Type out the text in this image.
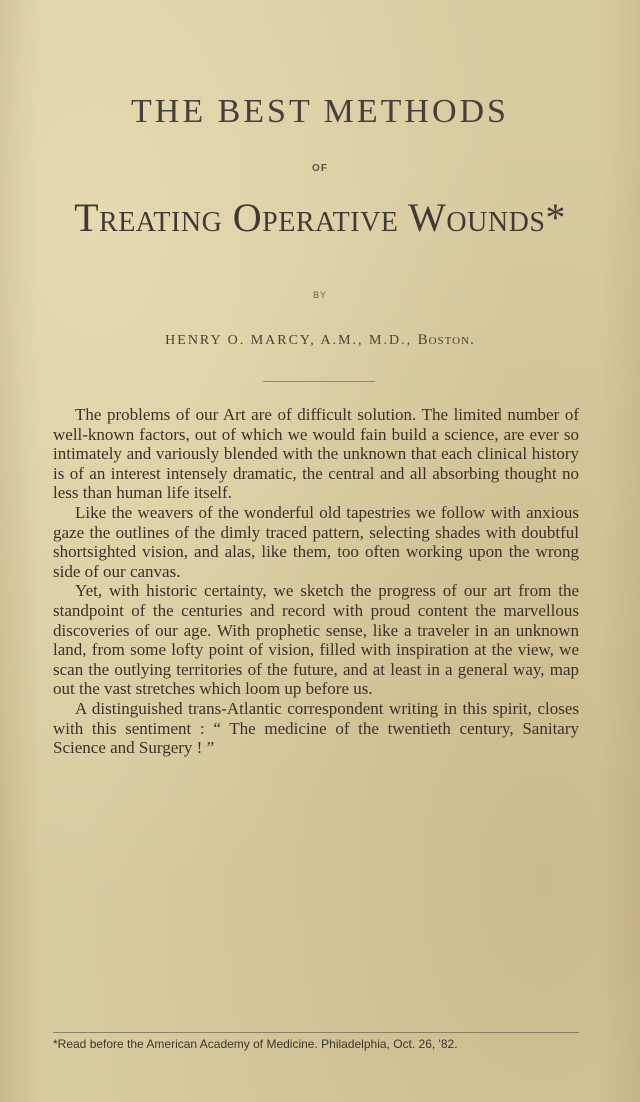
THE BEST METHODS
OF
Treating Operative Wounds*
BY
HENRY O. MARCY, A.M., M.D., Boston.

The problems of our Art are of difficult solution. The limited number of well-known factors, out of which we would fain build a science, are ever so intimately and variously blended with the unknown that each clinical history is of an interest intensely dramatic, the central and all absorbing thought no less than human life itself.

Like the weavers of the wonderful old tapestries we follow with anxious gaze the outlines of the dimly traced pattern, selecting shades with doubtful shortsighted vision, and alas, like them, too often working upon the wrong side of our canvas.

Yet, with historic certainty, we sketch the progress of our art from the standpoint of the centuries and record with proud content the marvellous discoveries of our age. With prophetic sense, like a traveler in an unknown land, from some lofty point of vision, filled with inspiration at the view, we scan the outlying territories of the future, and at least in a general way, map out the vast stretches which loom up before us.

A distinguished trans-Atlantic correspondent writing in this spirit, closes with this sentiment : “ The medicine of the twentieth century, Sanitary Science and Surgery ! ”

*Read before the American Academy of Medicine. Philadelphia, Oct. 26, '82.
